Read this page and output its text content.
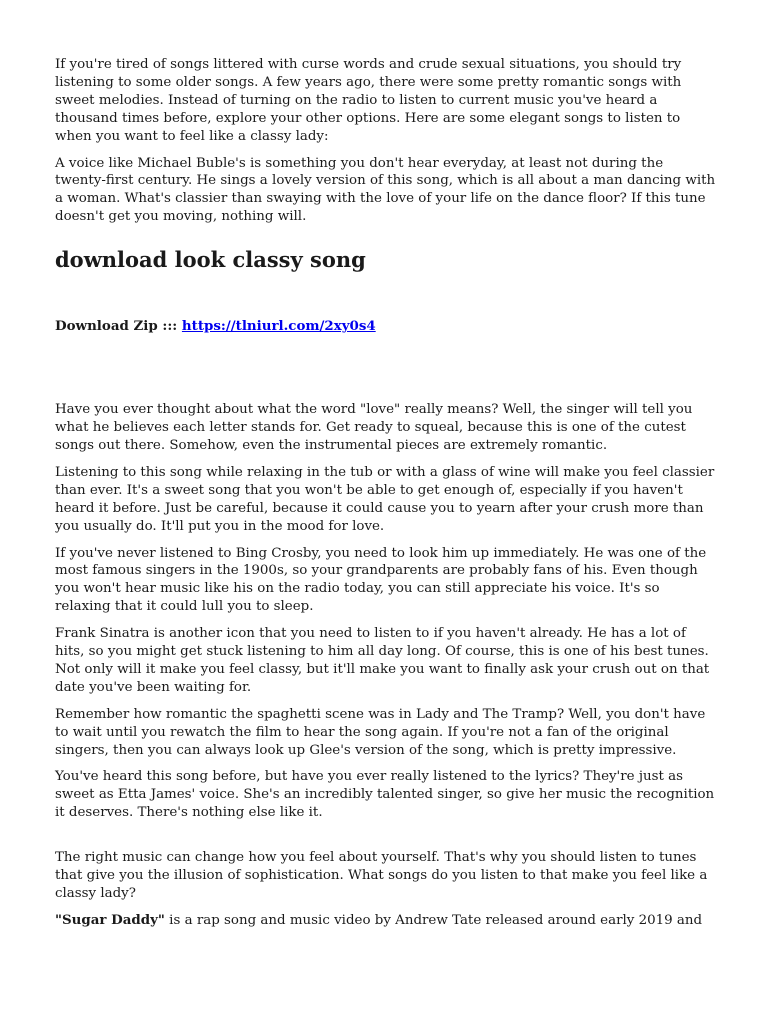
If you're tired of songs littered with curse words and crude sexual situations, you should try listening to some older songs. A few years ago, there were some pretty romantic songs with sweet melodies. Instead of turning on the radio to listen to current music you've heard a thousand times before, explore your other options. Here are some elegant songs to listen to when you want to feel like a classy lady:

A voice like Michael Buble's is something you don't hear everyday, at least not during the twenty-first century. He sings a lovely version of this song, which is all about a man dancing with a woman. What's classier than swaying with the love of your life on the dance floor? If this tune doesn't get you moving, nothing will.

download look classy song
Download Zip ::: https://tlniurl.com/2xy0s4

Have you ever thought about what the word "love" really means? Well, the singer will tell you what he believes each letter stands for. Get ready to squeal, because this is one of the cutest songs out there. Somehow, even the instrumental pieces are extremely romantic.

Listening to this song while relaxing in the tub or with a glass of wine will make you feel classier than ever. It's a sweet song that you won't be able to get enough of, especially if you haven't heard it before. Just be careful, because it could cause you to yearn after your crush more than you usually do. It'll put you in the mood for love.

If you've never listened to Bing Crosby, you need to look him up immediately. He was one of the most famous singers in the 1900s, so your grandparents are probably fans of his. Even though you won't hear music like his on the radio today, you can still appreciate his voice. It's so relaxing that it could lull you to sleep.

Frank Sinatra is another icon that you need to listen to if you haven't already. He has a lot of hits, so you might get stuck listening to him all day long. Of course, this is one of his best tunes. Not only will it make you feel classy, but it'll make you want to finally ask your crush out on that date you've been waiting for.

Remember how romantic the spaghetti scene was in Lady and The Tramp? Well, you don't have to wait until you rewatch the film to hear the song again. If you're not a fan of the original singers, then you can always look up Glee's version of the song, which is pretty impressive.

You've heard this song before, but have you ever really listened to the lyrics? They're just as sweet as Etta James' voice. She's an incredibly talented singer, so give her music the recognition it deserves. There's nothing else like it.

The right music can change how you feel about yourself. That's why you should listen to tunes that give you the illusion of sophistication. What songs do you listen to that make you feel like a classy lady?

"Sugar Daddy" is a rap song and music video by Andrew Tate released around early 2019 and
